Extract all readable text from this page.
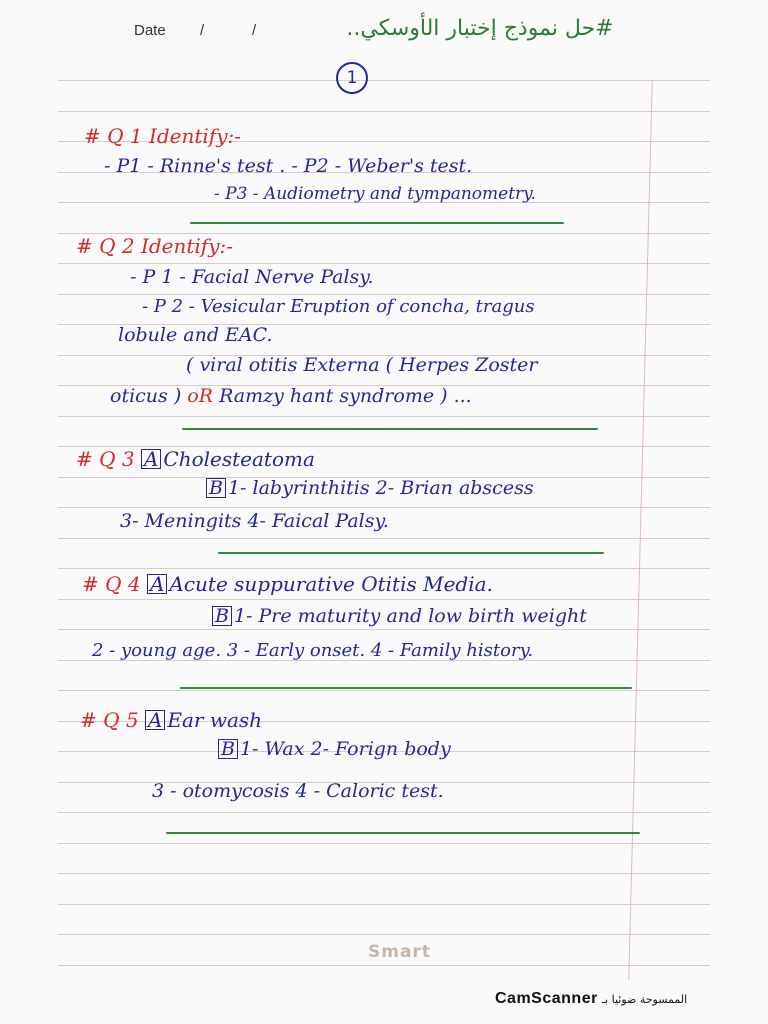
Date /	/	#حل نموذج إختبار الأوسكي..
1
# Q 1 Identify:-
- P1 - Rinne's test . - P2 - Weber's test.
- P3 - Audiometry and tympanometry.
# Q 2 Identify:-
- P 1 - Facial Nerve Palsy.
- P 2 - Vesicular Eruption of concha, tragus
lobule and EAC.
( viral otitis Externa ( Herpes Zoster
oticus ) oR Ramzy hant syndrome ) ...
# Q 3 A Cholesteatoma
B 1- labyrinthitis 2- Brian abscess
3- Meningits 4- Faical Palsy.
# Q 4 A Acute suppurative Otitis Media.
B 1- Pre maturity and low birth weight
2 - young age. 3 - Early onset. 4 - Family history.
# Q 5 A Ear wash
B 1- Wax 2- Forign body
3 - otomycosis 4 - Caloric test.
Smart
CamScanner الممسوحة ضوئيا بـ
